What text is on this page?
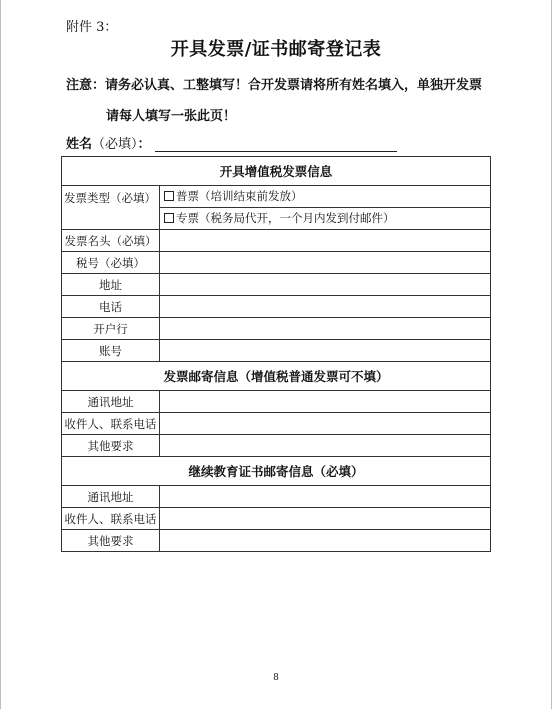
附件 3：
开具发票/证书邮寄登记表
注意：请务必认真、工整填写！合开发票请将所有姓名填入，单独开发票
请每人填写一张此页！
姓名（必填）：
开具增值税发票信息	
发票类型（必填）	普票（培训结束前发放）

	专票（税务局代开，一个月内发到付邮件）

发票名头（必填）	
税号（必填）	
地址	
电话	
开户行	
账号	
发票邮寄信息（增值税普通发票可不填）	
通讯地址	
收件人、联系电话	
其他要求	
继续教育证书邮寄信息（必填）	
通讯地址	
收件人、联系电话	
其他要求	
8
